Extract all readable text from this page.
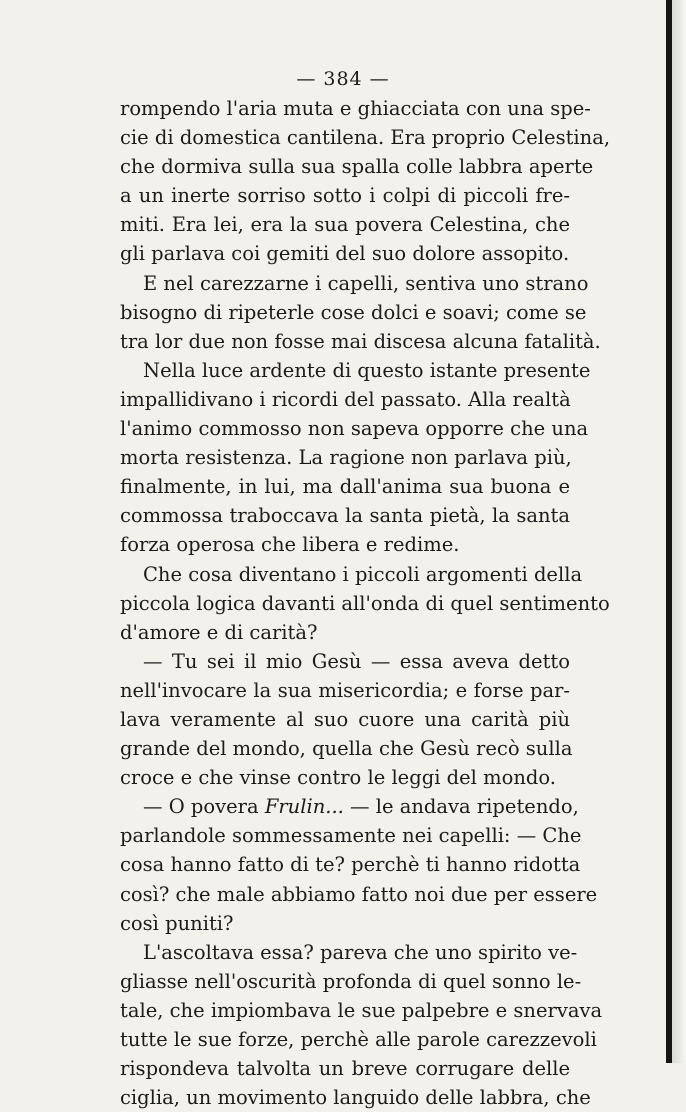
— 384 —
rompendo l'aria muta e ghiacciata con una spe-
cie di domestica cantilena. Era proprio Celestina,
che dormiva sulla sua spalla colle labbra aperte
a un inerte sorriso sotto i colpi di piccoli fre-
miti. Era lei, era la sua povera Celestina, che
gli parlava coi gemiti del suo dolore assopito.
E nel carezzarne i capelli, sentiva uno strano
bisogno di ripeterle cose dolci e soavi; come se
tra lor due non fosse mai discesa alcuna fatalità.
Nella luce ardente di questo istante presente
impallidivano i ricordi del passato. Alla realtà
l'animo commosso non sapeva opporre che una
morta resistenza. La ragione non parlava più,
finalmente, in lui, ma dall'anima sua buona e
commossa traboccava la santa pietà, la santa
forza operosa che libera e redime.
Che cosa diventano i piccoli argomenti della
piccola logica davanti all'onda di quel sentimento
d'amore e di carità?
— Tu sei il mio Gesù — essa aveva detto
nell'invocare la sua misericordia; e forse par-
lava veramente al suo cuore una carità più
grande del mondo, quella che Gesù recò sulla
croce e che vinse contro le leggi del mondo.
— O povera Frulin... — le andava ripetendo,
parlandole sommessamente nei capelli: — Che
cosa hanno fatto di te? perchè ti hanno ridotta
così? che male abbiamo fatto noi due per essere
così puniti?
L'ascoltava essa? pareva che uno spirito ve-
gliasse nell'oscurità profonda di quel sonno le-
tale, che impiombava le sue palpebre e snervava
tutte le sue forze, perchè alle parole carezzevoli
rispondeva talvolta un breve corrugare delle
ciglia, un movimento languido delle labbra, che
